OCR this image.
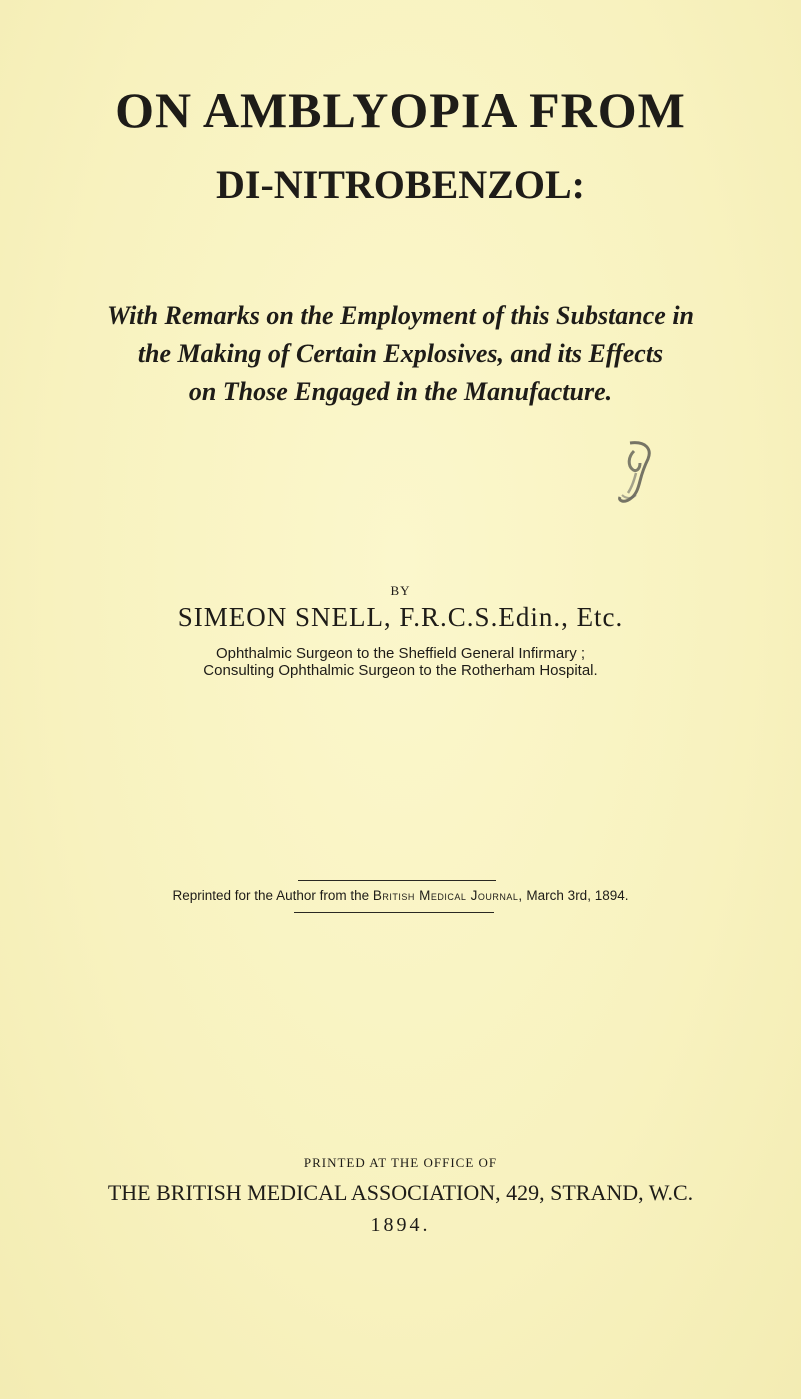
ON AMBLYOPIA FROM
DI-NITROBENZOL:
With Remarks on the Employment of this Substance in
the Making of Certain Explosives, and its Effects
on Those Engaged in the Manufacture.
BY
SIMEON SNELL, F.R.C.S.Edin., Etc.
Ophthalmic Surgeon to the Sheffield General Infirmary ;
Consulting Ophthalmic Surgeon to the Rotherham Hospital.
Reprinted for the Author from the British Medical Journal, March 3rd, 1894.
PRINTED AT THE OFFICE OF
THE BRITISH MEDICAL ASSOCIATION, 429, STRAND, W.C.
1894.
